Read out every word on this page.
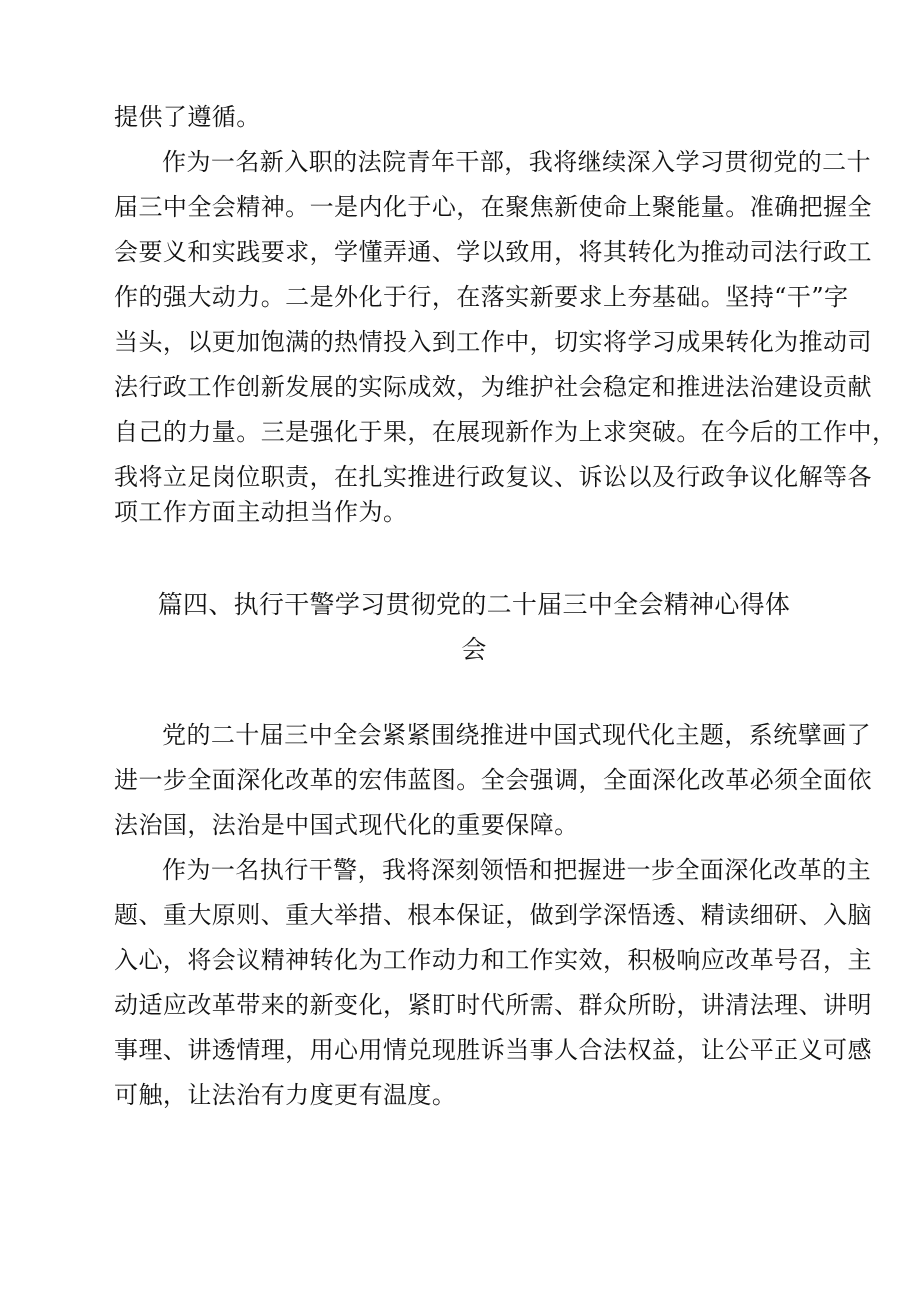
提供了遵循。
作为一名新入职的法院青年干部，我将继续深入学习贯彻党的二十
届三中全会精神。一是内化于心，在聚焦新使命上聚能量。准确把握全
会要义和实践要求，学懂弄通、学以致用，将其转化为推动司法行政工
作的强大动力。二是外化于行，在落实新要求上夯基础。坚持“干”字
当头，以更加饱满的热情投入到工作中，切实将学习成果转化为推动司
法行政工作创新发展的实际成效，为维护社会稳定和推进法治建设贡献
自己的力量。三是强化于果，在展现新作为上求突破。在今后的工作中，
我将立足岗位职责，在扎实推进行政复议、诉讼以及行政争议化解等各
项工作方面主动担当作为。
篇四、执行干警学习贯彻党的二十届三中全会精神心得体
会
党的二十届三中全会紧紧围绕推进中国式现代化主题，系统擘画了
进一步全面深化改革的宏伟蓝图。全会强调，全面深化改革必须全面依
法治国，法治是中国式现代化的重要保障。
作为一名执行干警，我将深刻领悟和把握进一步全面深化改革的主
题、重大原则、重大举措、根本保证，做到学深悟透、精读细研、入脑
入心，将会议精神转化为工作动力和工作实效，积极响应改革号召，主
动适应改革带来的新变化，紧盯时代所需、群众所盼，讲清法理、讲明
事理、讲透情理，用心用情兑现胜诉当事人合法权益，让公平正义可感
可触，让法治有力度更有温度。
